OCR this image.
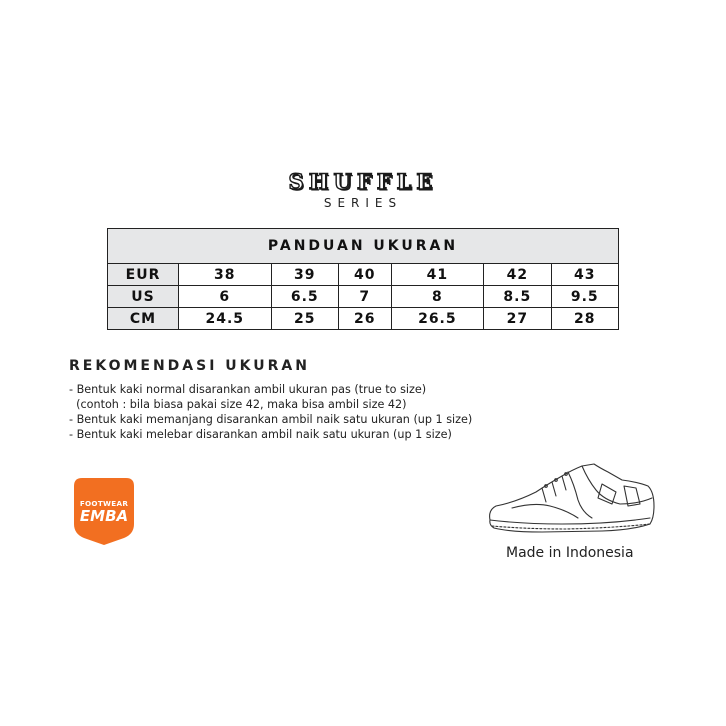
SHUFFLE
SERIES
PANDUAN UKURAN						
EUR	38	39	40	41	42	43
US	6	6.5	7	8	8.5	9.5
CM	24.5	25	26	26.5	27	28
REKOMENDASI UKURAN
- Bentuk kaki normal disarankan ambil ukuran pas (true to size)
(contoh : bila biasa pakai size 42, maka bisa ambil size 42)
- Bentuk kaki memanjang disarankan ambil naik satu ukuran (up 1 size)
- Bentuk kaki melebar disarankan ambil naik satu ukuran (up 1 size)
FOOTWEAR
EMBA
Made in Indonesia
